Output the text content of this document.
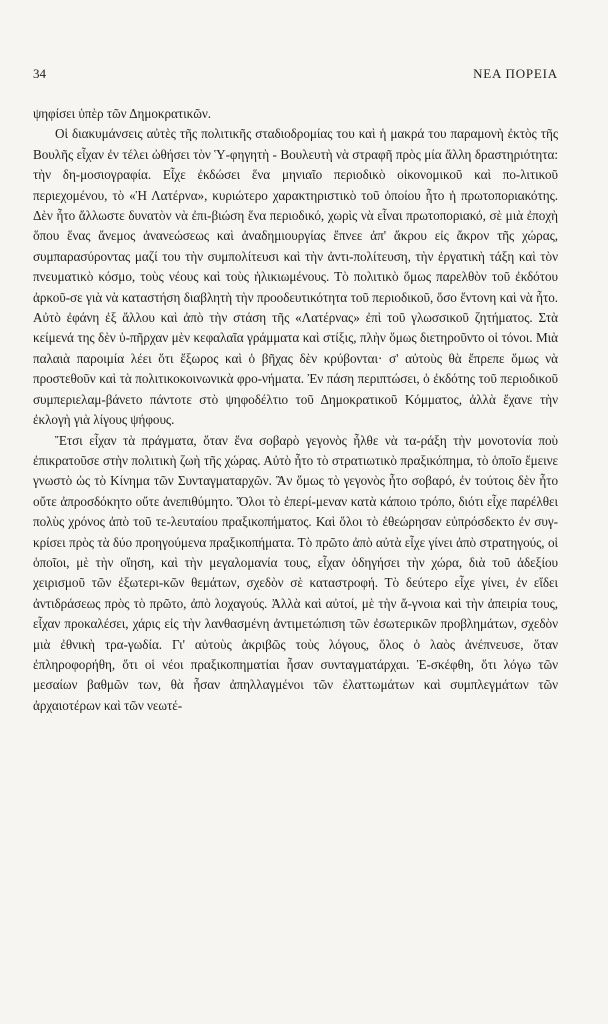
34	ΝΕΑ ΠΟΡΕΙΑ

ψηφίσει ὑπὲρ τῶν Δημοκρατικῶν.

Οἱ διακυμάνσεις αὐτὲς τῆς πολιτικῆς σταδιοδρομίας του καὶ ἡ μακρά του παραμονὴ ἐκτὸς τῆς Βουλῆς εἶχαν ἐν τέλει ὠθήσει τὸν Ὑ-φηγητὴ - Βουλευτὴ νὰ στραφῆ πρὸς μία ἄλλη δραστηριότητα: τὴν δη-μοσιογραφία. Εἶχε ἐκδώσει ἕνα μηνιαῖο περιοδικὸ οἰκονομικοῦ καὶ πο-λιτικοῦ περιεχομένου, τὸ «Ἡ Λατέρνα», κυριώτερο χαρακτηριστικὸ τοῦ ὁποίου ἦτο ἡ πρωτοποριακότης. Δὲν ἦτο ἄλλωστε δυνατὸν νὰ ἐπι-βιώση ἕνα περιοδικό, χωρὶς νὰ εἶναι πρωτοποριακό, σὲ μιὰ ἐποχὴ ὅπου ἕνας ἄνεμος ἀνανεώσεως καὶ ἀναδημιουργίας ἔπνεε ἀπ' ἄκρου εἰς ἄκρον τῆς χώρας, συμπαρασύροντας μαζί του τὴν συμπολίτευσι καὶ τὴν ἀντι-πολίτευση, τὴν ἐργατικὴ τάξη καὶ τὸν πνευματικὸ κόσμο, τοὺς νέους καὶ τοὺς ἡλικιωμένους. Τὸ πολιτικὸ ὅμως παρελθὸν τοῦ ἐκδότου ἀρκοῦ-σε γιὰ νὰ καταστήση διαβλητὴ τὴν προοδευτικότητα τοῦ περιοδικοῦ, ὅσο ἔντονη καὶ νὰ ἦτο. Αὐτὸ ἐφάνη ἐξ ἄλλου καὶ ἀπὸ τὴν στάση τῆς «Λατέρνας» ἐπὶ τοῦ γλωσσικοῦ ζητήματος. Στὰ κείμενά της δὲν ὑ-πῆρχαν μὲν κεφαλαῖα γράμματα καὶ στίξις, πλὴν ὅμως διετηροῦντο οἱ τόνοι. Μιὰ παλαιὰ παροιμία λέει ὅτι ἔξωρος καὶ ὁ βῆχας δὲν κρύβονται· σ' αὐτοὺς θὰ ἔπρεπε ὅμως νὰ προστεθοῦν καὶ τὰ πολιτικοκοινωνικὰ φρο-νήματα. Ἐν πάση περιπτώσει, ὁ ἐκδότης τοῦ περιοδικοῦ συμπεριελαμ-βάνετο πάντοτε στὸ ψηφοδέλτιο τοῦ Δημοκρατικοῦ Κόμματος, ἀλλὰ ἔχανε τὴν ἐκλογὴ γιὰ λίγους ψήφους.

Ἔτσι εἶχαν τὰ πράγματα, ὅταν ἕνα σοβαρὸ γεγονὸς ἦλθε νὰ τα-ράξη τὴν μονοτονία ποὺ ἐπικρατοῦσε στὴν πολιτικὴ ζωὴ τῆς χώρας. Αὐτὸ ἦτο τὸ στρατιωτικὸ πραξικόπημα, τὸ ὁποῖο ἔμεινε γνωστὸ ὡς τὸ Κίνημα τῶν Συνταγματαρχῶν. Ἂν ὅμως τὸ γεγονὸς ἦτο σοβαρό, ἐν τούτοις δὲν ἦτο οὔτε ἀπροσδόκητο οὔτε ἀνεπιθύμητο. Ὅλοι τὸ ἐπερί-μεναν κατὰ κάποιο τρόπο, διότι εἶχε παρέλθει πολὺς χρόνος ἀπὸ τοῦ τε-λευταίου πραξικοπήματος. Καὶ ὅλοι τὸ ἐθεώρησαν εὐπρόσδεκτο ἐν συγ-κρίσει πρὸς τὰ δύο προηγούμενα πραξικοπήματα. Τὸ πρῶτο ἀπὸ αὐτὰ εἶχε γίνει ἀπὸ στρατηγούς, οἱ ὁποῖοι, μὲ τὴν οἴηση, καὶ τὴν μεγαλομανία τους, εἶχαν ὁδηγήσει τὴν χώρα, διὰ τοῦ ἀδεξίου χειρισμοῦ τῶν ἐξωτερι-κῶν θεμάτων, σχεδὸν σὲ καταστροφή. Τὸ δεύτερο εἶχε γίνει, ἐν εἴδει ἀντιδράσεως πρὸς τὸ πρῶτο, ἀπὸ λοχαγούς. Ἀλλὰ καὶ αὐτοί, μὲ τὴν ἄ-γνοια καὶ τὴν ἀπειρία τους, εἶχαν προκαλέσει, χάρις εἰς τὴν λανθασμένη ἀντιμετώπιση τῶν ἐσωτερικῶν προβλημάτων, σχεδὸν μιὰ ἐθνικὴ τρα-γωδία. Γι' αὐτοὺς ἀκριβῶς τοὺς λόγους, ὅλος ὁ λαὸς ἀνέπνευσε, ὅταν ἐπληροφορήθη, ὅτι οἱ νέοι πραξικοπηματίαι ἦσαν συνταγματάρχαι. Ἐ-σκέφθη, ὅτι λόγω τῶν μεσαίων βαθμῶν των, θὰ ἦσαν ἀπηλλαγμένοι τῶν ἐλαττωμάτων καὶ συμπλεγμάτων τῶν ἀρχαιοτέρων καὶ τῶν νεωτέ-
